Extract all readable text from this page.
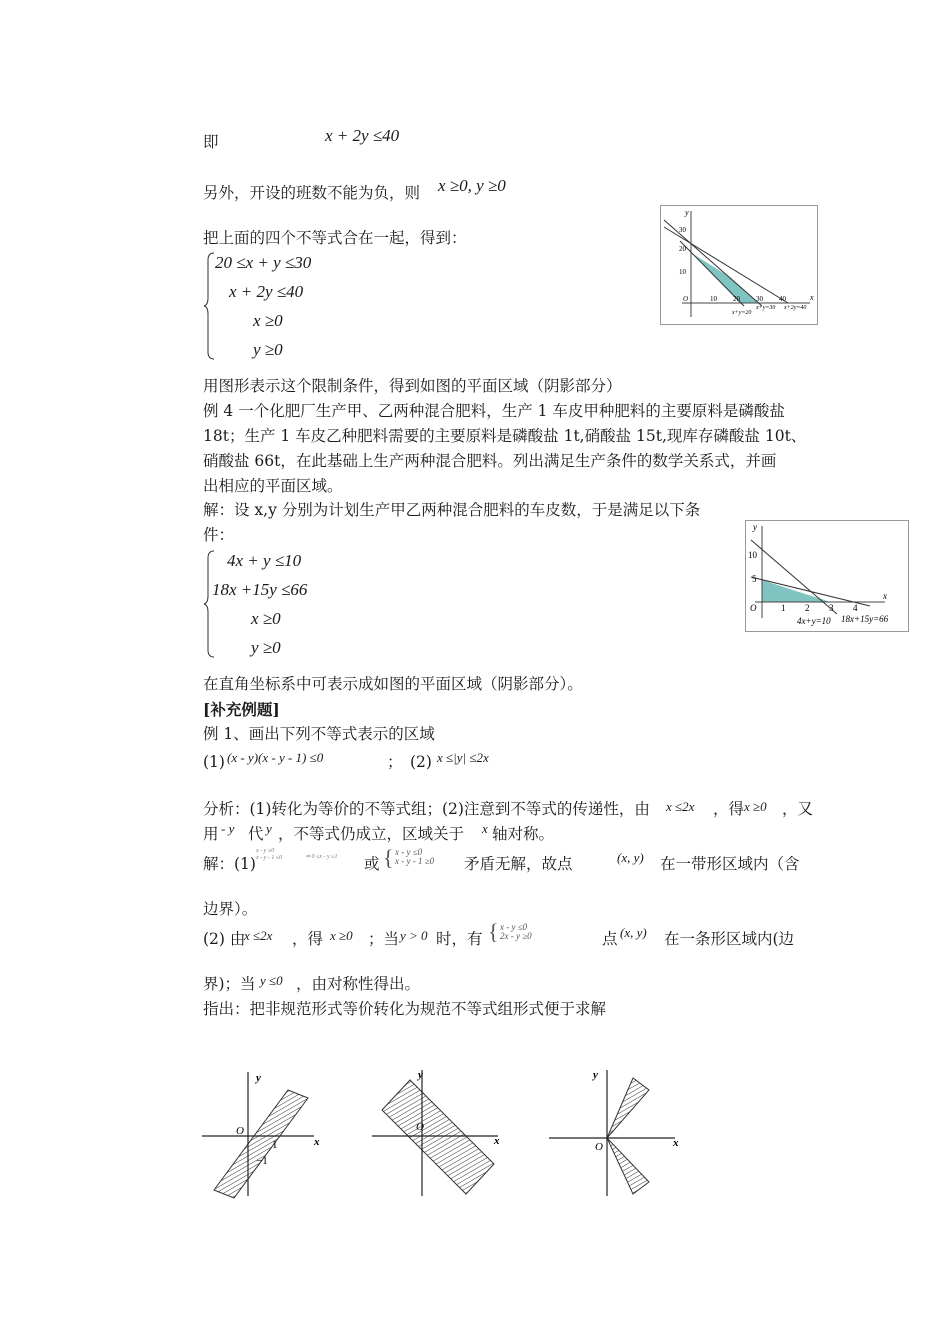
即	x + 2y ≤40
另外，开设的班数不能为负，则 x ≥0, y ≥0
把上面的四个不等式合在一起，得到：
20 ≤x + y ≤30
x + 2y ≤40
x ≥0
y ≥0
y
x
O
30
20
10
10 20 30 40
x+y=30 x+2y=40
x+y=20
用图形表示这个限制条件，得到如图的平面区域（阴影部分）
例 4 一个化肥厂生产甲、乙两种混合肥料，生产 1 车皮甲种肥料的主要原料是磷酸盐
18t；生产 1 车皮乙种肥料需要的主要原料是磷酸盐 1t,硝酸盐 15t,现库存磷酸盐 10t、
硝酸盐 66t，在此基础上生产两种混合肥料。列出满足生产条件的数学关系式，并画
出相应的平面区域。
解：设 x,y 分别为计划生产甲乙两种混合肥料的车皮数，于是满足以下条
件：
4x + y ≤10
18x +15y ≤66
x ≥0
y ≥0
y
x
O
10
5
1 2 3 4
4x+y=10 18x+15y=66
在直角坐标系中可表示成如图的平面区域（阴影部分）。
[补充例题]
例 1、画出下列不等式表示的区域
(1) (x - y)(x - y - 1) ≤0	； (2) x ≤|y| ≤2x
分析：(1)转化为等价的不等式组；(2)注意到不等式的传递性，由 x ≤2x ，得 x ≥0 ，又
用 - y 代 y ，不等式仍成立，区域关于 x 轴对称。
解：(1)
x - y ≥0
x - y - 1 ≤0	⇒ 0 ≤x - y ≤1 或 { x - y ≤0
x - y - 1 ≥0 矛盾无解，故点	(x, y) 在一带形区域内（含
边界）。
(2) 由
x ≤2x ，得 x ≥0 ；当 y > 0 时，有 { x - y ≤0
2x - y ≥0	点 (x, y) 在一条形区域内(边
界)；当 y ≤0 ，由对称性得出。
指出：把非规范形式等价转化为规范不等式组形式便于求解
y
x
O
1
−1
y
x
O
y
x
O
